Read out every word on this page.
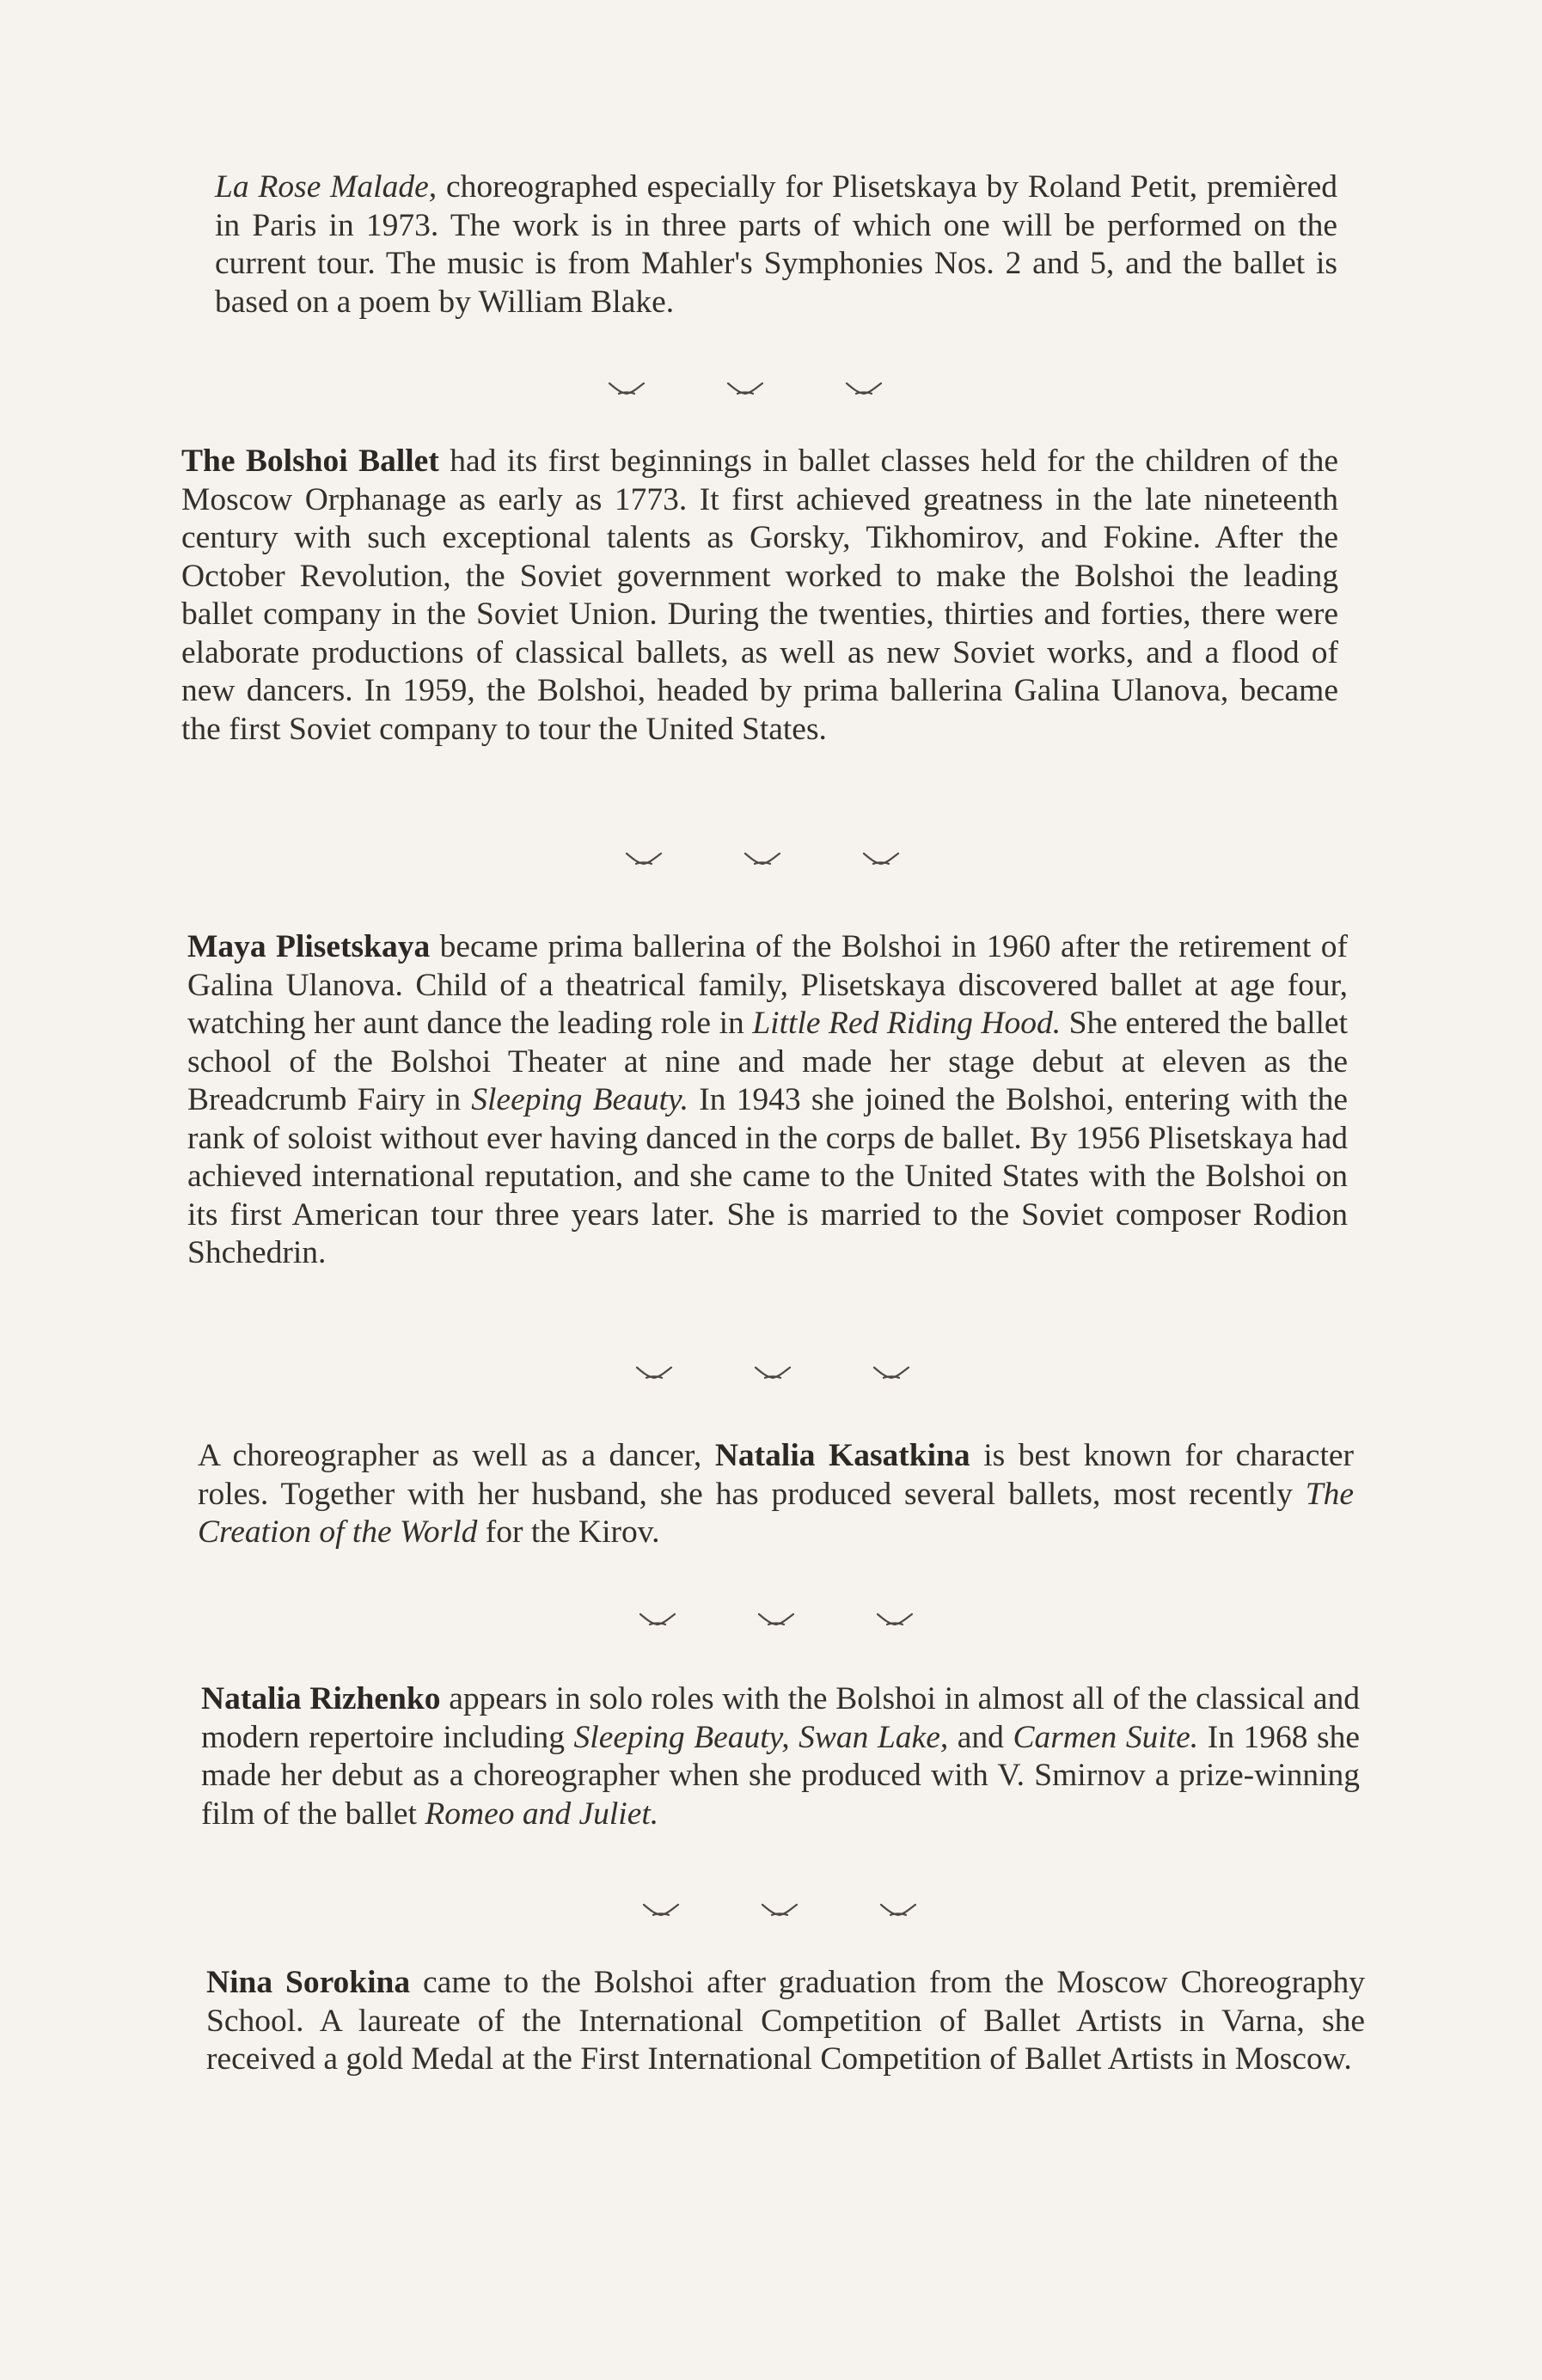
La Rose Malade, choreographed especially for Plisetskaya by Roland Petit, premièred in Paris in 1973. The work is in three parts of which one will be performed on the current tour. The music is from Mahler's Symphonies Nos. 2 and 5, and the ballet is based on a poem by William Blake.

The Bolshoi Ballet had its first beginnings in ballet classes held for the children of the Moscow Orphanage as early as 1773. It first achieved greatness in the late nineteenth century with such exceptional talents as Gorsky, Tikhomirov, and Fokine. After the October Revolution, the Soviet government worked to make the Bolshoi the leading ballet company in the Soviet Union. During the twenties, thirties and forties, there were elaborate productions of classical ballets, as well as new Soviet works, and a flood of new dancers. In 1959, the Bolshoi, headed by prima ballerina Galina Ulanova, became the first Soviet company to tour the United States.

Maya Plisetskaya became prima ballerina of the Bolshoi in 1960 after the retirement of Galina Ulanova. Child of a theatrical family, Plisetskaya discovered ballet at age four, watching her aunt dance the leading role in Little Red Riding Hood. She entered the ballet school of the Bolshoi Theater at nine and made her stage debut at eleven as the Breadcrumb Fairy in Sleeping Beauty. In 1943 she joined the Bolshoi, entering with the rank of soloist without ever having danced in the corps de ballet. By 1956 Plisetskaya had achieved international reputation, and she came to the United States with the Bolshoi on its first American tour three years later. She is married to the Soviet composer Rodion Shchedrin.

A choreographer as well as a dancer, Natalia Kasatkina is best known for character roles. Together with her husband, she has produced several ballets, most recently The Creation of the World for the Kirov.

Natalia Rizhenko appears in solo roles with the Bolshoi in almost all of the classical and modern repertoire including Sleeping Beauty, Swan Lake, and Carmen Suite. In 1968 she made her debut as a choreographer when she produced with V. Smirnov a prize-winning film of the ballet Romeo and Juliet.

Nina Sorokina came to the Bolshoi after graduation from the Moscow Choreography School. A laureate of the International Competition of Ballet Artists in Varna, she received a gold Medal at the First International Competition of Ballet Artists in Moscow.
